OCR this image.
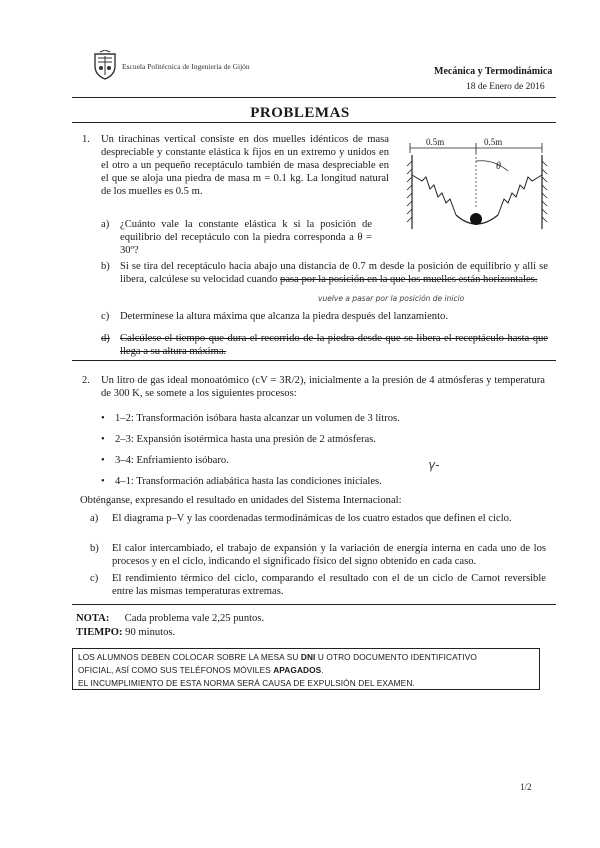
Escuela Politécnica de Ingeniería de Gijón	Mecánica y Termodinámica
18 de Enero de 2016
PROBLEMAS
1.	Un tirachinas vertical consiste en dos muelles idénticos de masa despreciable y constante elástica k fijos en un extremo y unidos en el otro a un pequeño receptáculo también de masa despreciable en el que se aloja una piedra de masa m = 0.1 kg. La longitud natural de los muelles es 0.5 m.
0.5m	0.5m
θ
a)	¿Cuánto vale la constante elástica k si la posición de equilibrio del receptáculo con la piedra corresponda a θ = 30º?
b) Si se tira del receptáculo hacia abajo una distancia de 0.7 m desde la posición de equilibrio y allí se libera, calcúlese su velocidad cuando pasa por la posición en la que los muelles están horizontales.
vuelve a pasar por la posición de inicio
c)	Determínese la altura máxima que alcanza la piedra después del lanzamiento.
d) Calcúlese el tiempo que dura el recorrido de la piedra desde que se libera el receptáculo hasta que llega a su altura máxima.
2.	Un litro de gas ideal monoatómico (cV = 3R/2), inicialmente a la presión de 4 atmósferas y temperatura de 300 K, se somete a los siguientes procesos:
• 1–2: Transformación isóbara hasta alcanzar un volumen de 3 litros.
• 2–3: Expansión isotérmica hasta una presión de 2 atmósferas.
• 3–4: Enfriamiento isóbaro.
• 4–1: Transformación adiabática hasta las condiciones iniciales.
γ-
Obténganse, expresando el resultado en unidades del Sistema Internacional:
a)	El diagrama p–V y las coordenadas termodinámicas de los cuatro estados que definen el ciclo.
b)	El calor intercambiado, el trabajo de expansión y la variación de energía interna en cada uno de los procesos y en el ciclo, indicando el significado físico del signo obtenido en cada caso.
c)	El rendimiento térmico del ciclo, comparando el resultado con el de un ciclo de Carnot reversible entre las mismas temperaturas extremas.
NOTA: Cada problema vale 2,25 puntos.
TIEMPO: 90 minutos.
LOS ALUMNOS DEBEN COLOCAR SOBRE LA MESA SU DNI U OTRO DOCUMENTO IDENTIFICATIVO
OFICIAL, ASÍ COMO SUS TELÉFONOS MÓVILES APAGADOS.
EL INCUMPLIMIENTO DE ESTA NORMA SERÁ CAUSA DE EXPULSIÓN DEL EXAMEN.
1/2
